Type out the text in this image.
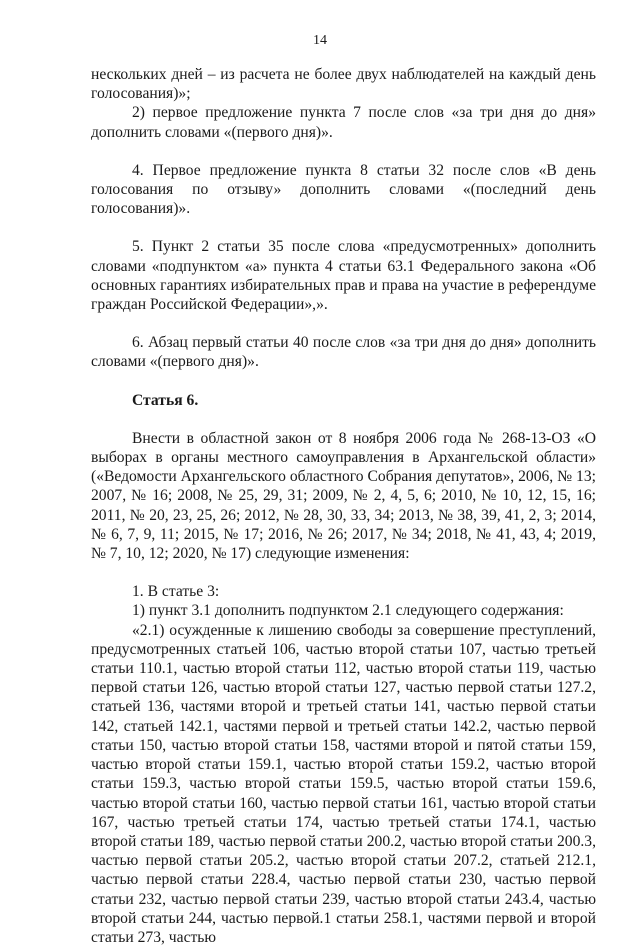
14

нескольких дней – из расчета не более двух наблюдателей на каждый день голосования)»;

2) первое предложение пункта 7 после слов «за три дня до дня» дополнить словами «(первого дня)».

4. Первое предложение пункта 8 статьи 32 после слов «В день голосования по отзыву» дополнить словами «(последний день голосования)».

5. Пункт 2 статьи 35 после слова «предусмотренных» дополнить словами «подпунктом «а» пункта 4 статьи 63.1 Федерального закона «Об основных гарантиях избирательных прав и права на участие в референдуме граждан Российской Федерации»,».

6. Абзац первый статьи 40 после слов «за три дня до дня» дополнить словами «(первого дня)».

Статья 6.

Внести в областной закон от 8 ноября 2006 года № 268-13-ОЗ «О выборах в органы местного самоуправления в Архангельской области» («Ведомости Архангельского областного Собрания депутатов», 2006, № 13; 2007, № 16; 2008, № 25, 29, 31; 2009, № 2, 4, 5, 6; 2010, № 10, 12, 15, 16; 2011, № 20, 23, 25, 26; 2012, № 28, 30, 33, 34; 2013, № 38, 39, 41, 2, 3; 2014, № 6, 7, 9, 11; 2015, № 17; 2016, № 26; 2017, № 34; 2018, № 41, 43, 4; 2019, № 7, 10, 12; 2020, № 17) следующие изменения:

1. В статье 3:

1) пункт 3.1 дополнить подпунктом 2.1 следующего содержания:

«2.1) осужденные к лишению свободы за совершение преступлений, предусмотренных статьей 106, частью второй статьи 107, частью третьей статьи 110.1, частью второй статьи 112, частью второй статьи 119, частью первой статьи 126, частью второй статьи 127, частью первой статьи 127.2, статьей 136, частями второй и третьей статьи 141, частью первой статьи 142, статьей 142.1, частями первой и третьей статьи 142.2, частью первой статьи 150, частью второй статьи 158, частями второй и пятой статьи 159, частью второй статьи 159.1, частью второй статьи 159.2, частью второй статьи 159.3, частью второй статьи 159.5, частью второй статьи 159.6, частью второй статьи 160, частью первой статьи 161, частью второй статьи 167, частью третьей статьи 174, частью третьей статьи 174.1, частью второй статьи 189, частью первой статьи 200.2, частью второй статьи 200.3, частью первой статьи 205.2, частью второй статьи 207.2, статьей 212.1, частью первой статьи 228.4, частью первой статьи 230, частью первой статьи 232, частью первой статьи 239, частью второй статьи 243.4, частью второй статьи 244, частью первой.1 статьи 258.1, частями первой и второй статьи 273, частью
